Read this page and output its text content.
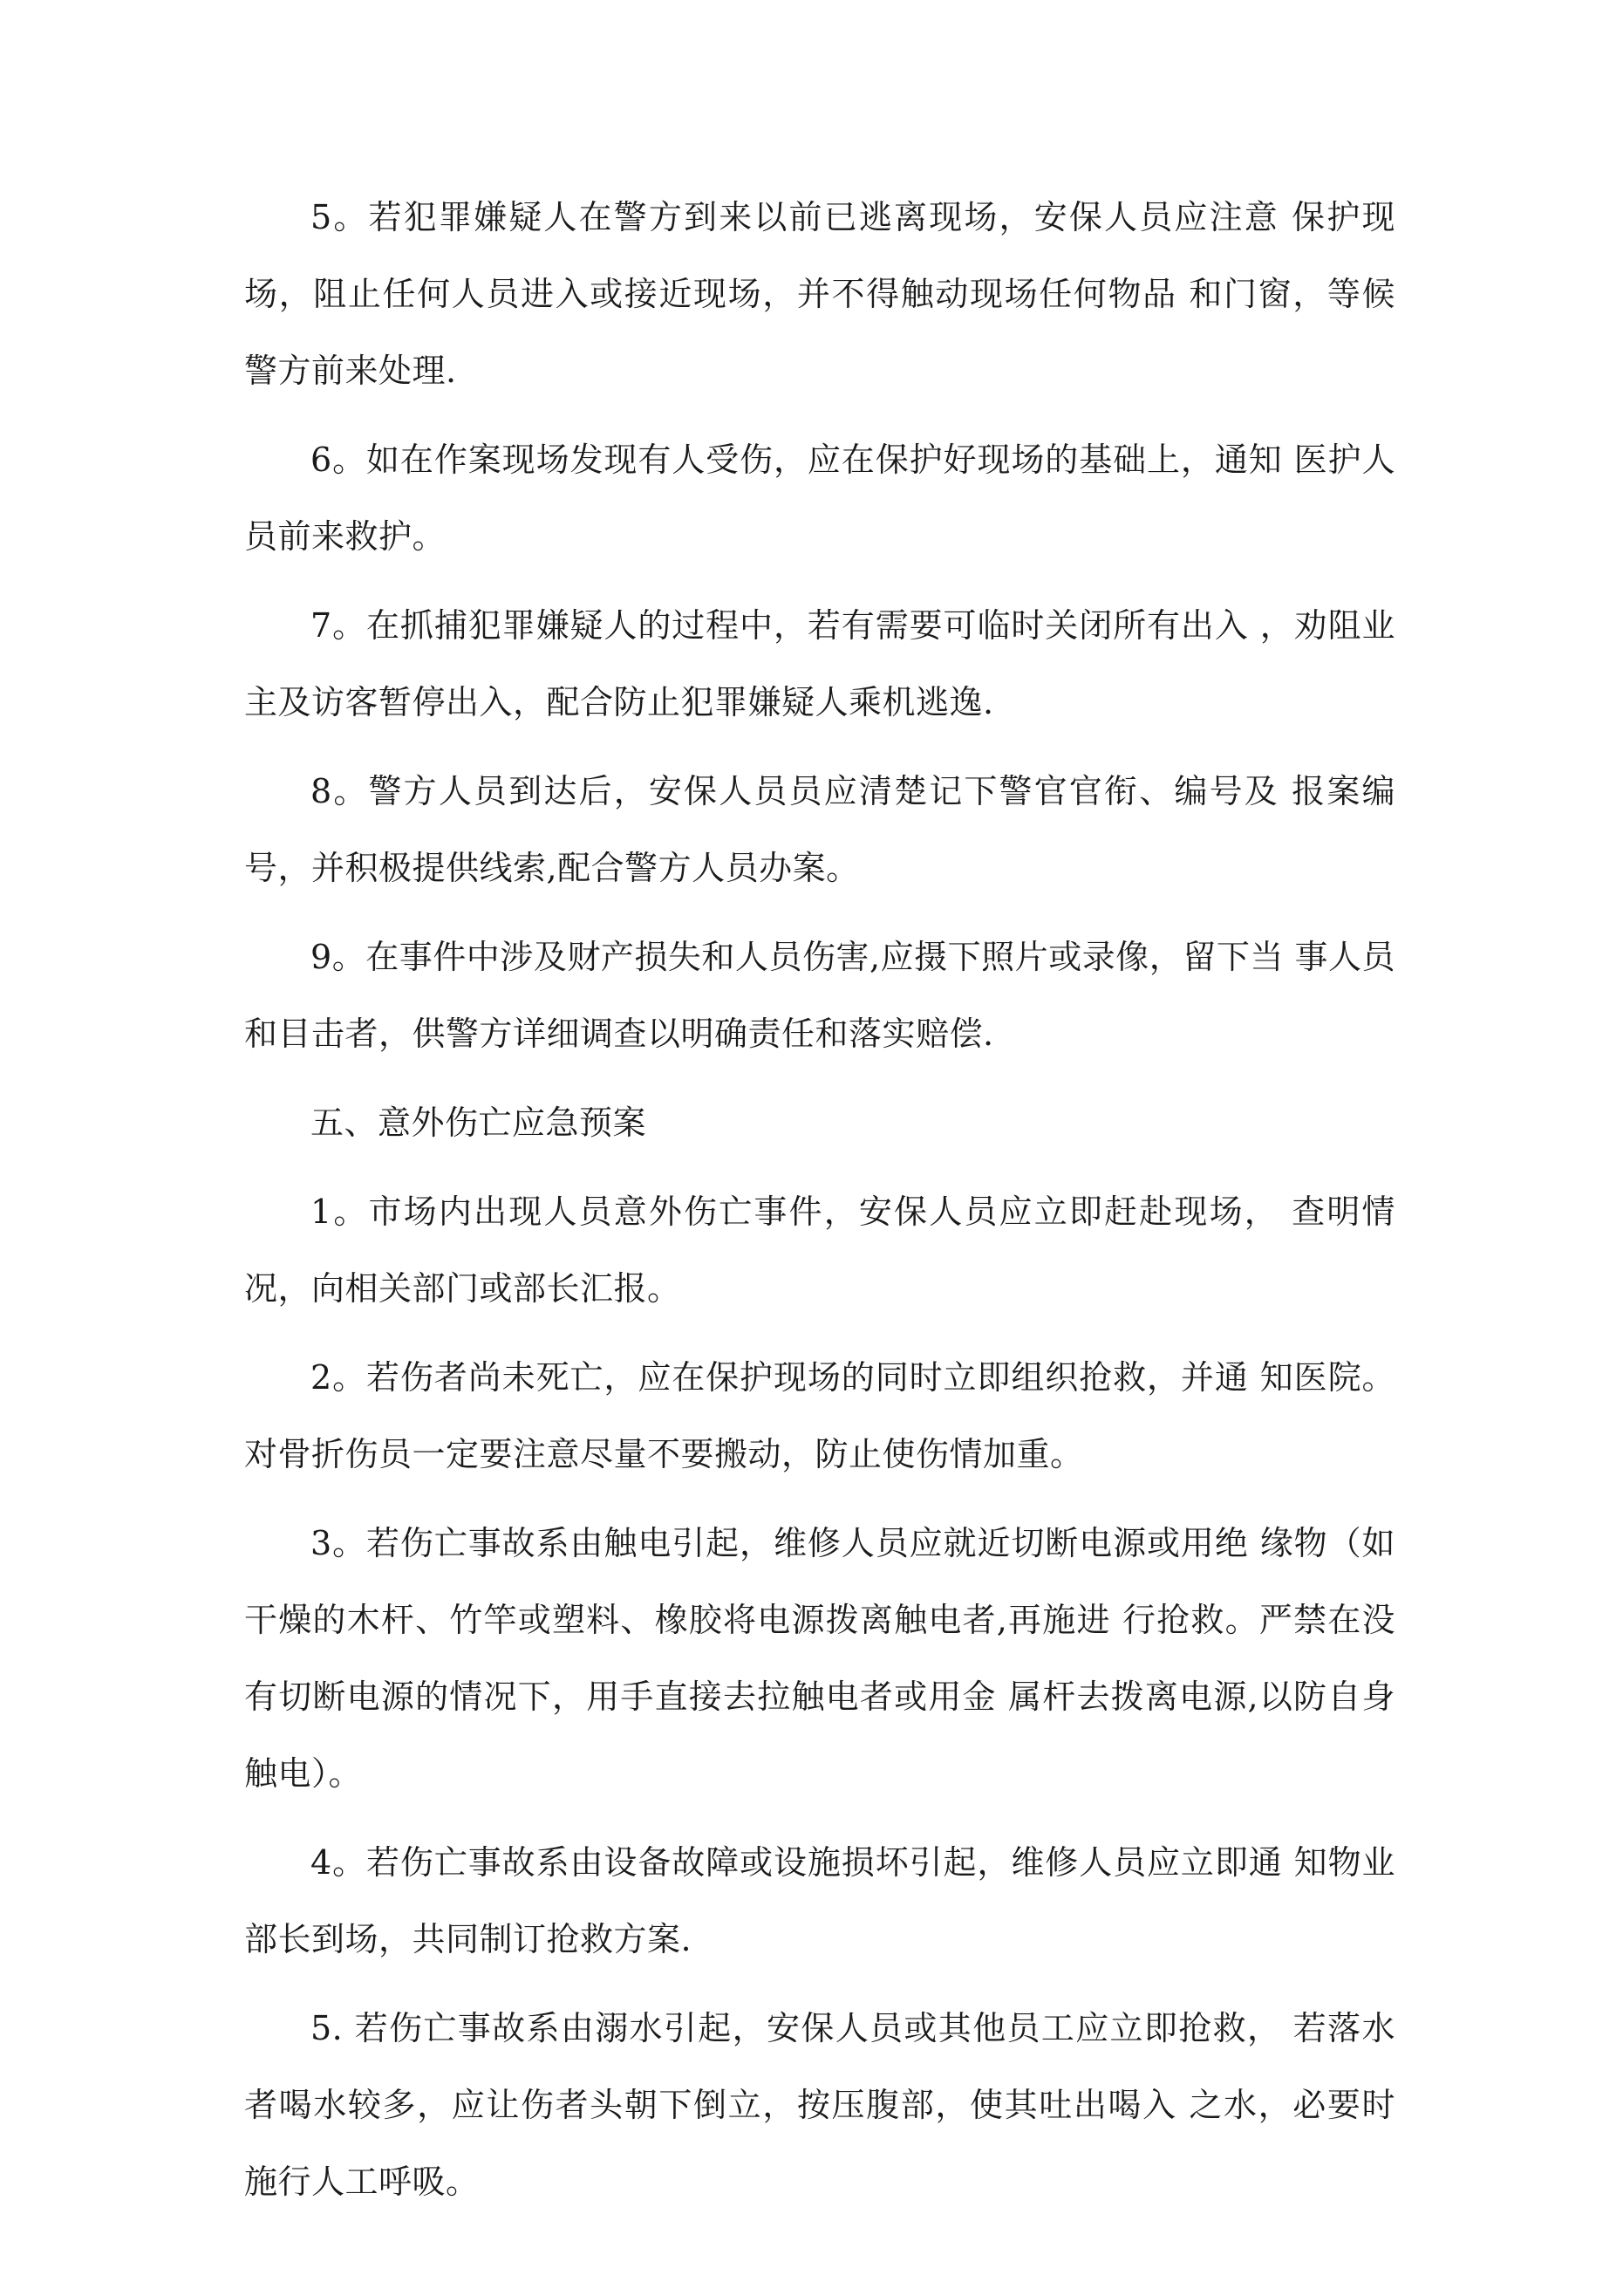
5。若犯罪嫌疑人在警方到来以前已逃离现场，安保人员应注意 保护现场，阻止任何人员进入或接近现场，并不得触动现场任何物品 和门窗，等候警方前来处理.

6。如在作案现场发现有人受伤，应在保护好现场的基础上，通知 医护人员前来救护。

7。在抓捕犯罪嫌疑人的过程中，若有需要可临时关闭所有出入 ，劝阻业主及访客暂停出入，配合防止犯罪嫌疑人乘机逃逸.

8。警方人员到达后，安保人员员应清楚记下警官官衔、编号及 报案编号，并积极提供线索,配合警方人员办案。

9。在事件中涉及财产损失和人员伤害,应摄下照片或录像，留下当 事人员和目击者，供警方详细调查以明确责任和落实赔偿.

五、意外伤亡应急预案

1。市场内出现人员意外伤亡事件，安保人员应立即赶赴现场， 查明情况，向相关部门或部长汇报。

2。若伤者尚未死亡，应在保护现场的同时立即组织抢救，并通 知医院。对骨折伤员一定要注意尽量不要搬动，防止使伤情加重。

3。若伤亡事故系由触电引起，维修人员应就近切断电源或用绝 缘物（如干燥的木杆、竹竿或塑料、橡胶将电源拨离触电者,再施进 行抢救。严禁在没有切断电源的情况下，用手直接去拉触电者或用金 属杆去拨离电源,以防自身触电）。

4。若伤亡事故系由设备故障或设施损坏引起，维修人员应立即通 知物业部长到场，共同制订抢救方案.

5. 若伤亡事故系由溺水引起，安保人员或其他员工应立即抢救， 若落水者喝水较多，应让伤者头朝下倒立，按压腹部，使其吐出喝入 之水，必要时施行人工呼吸。
